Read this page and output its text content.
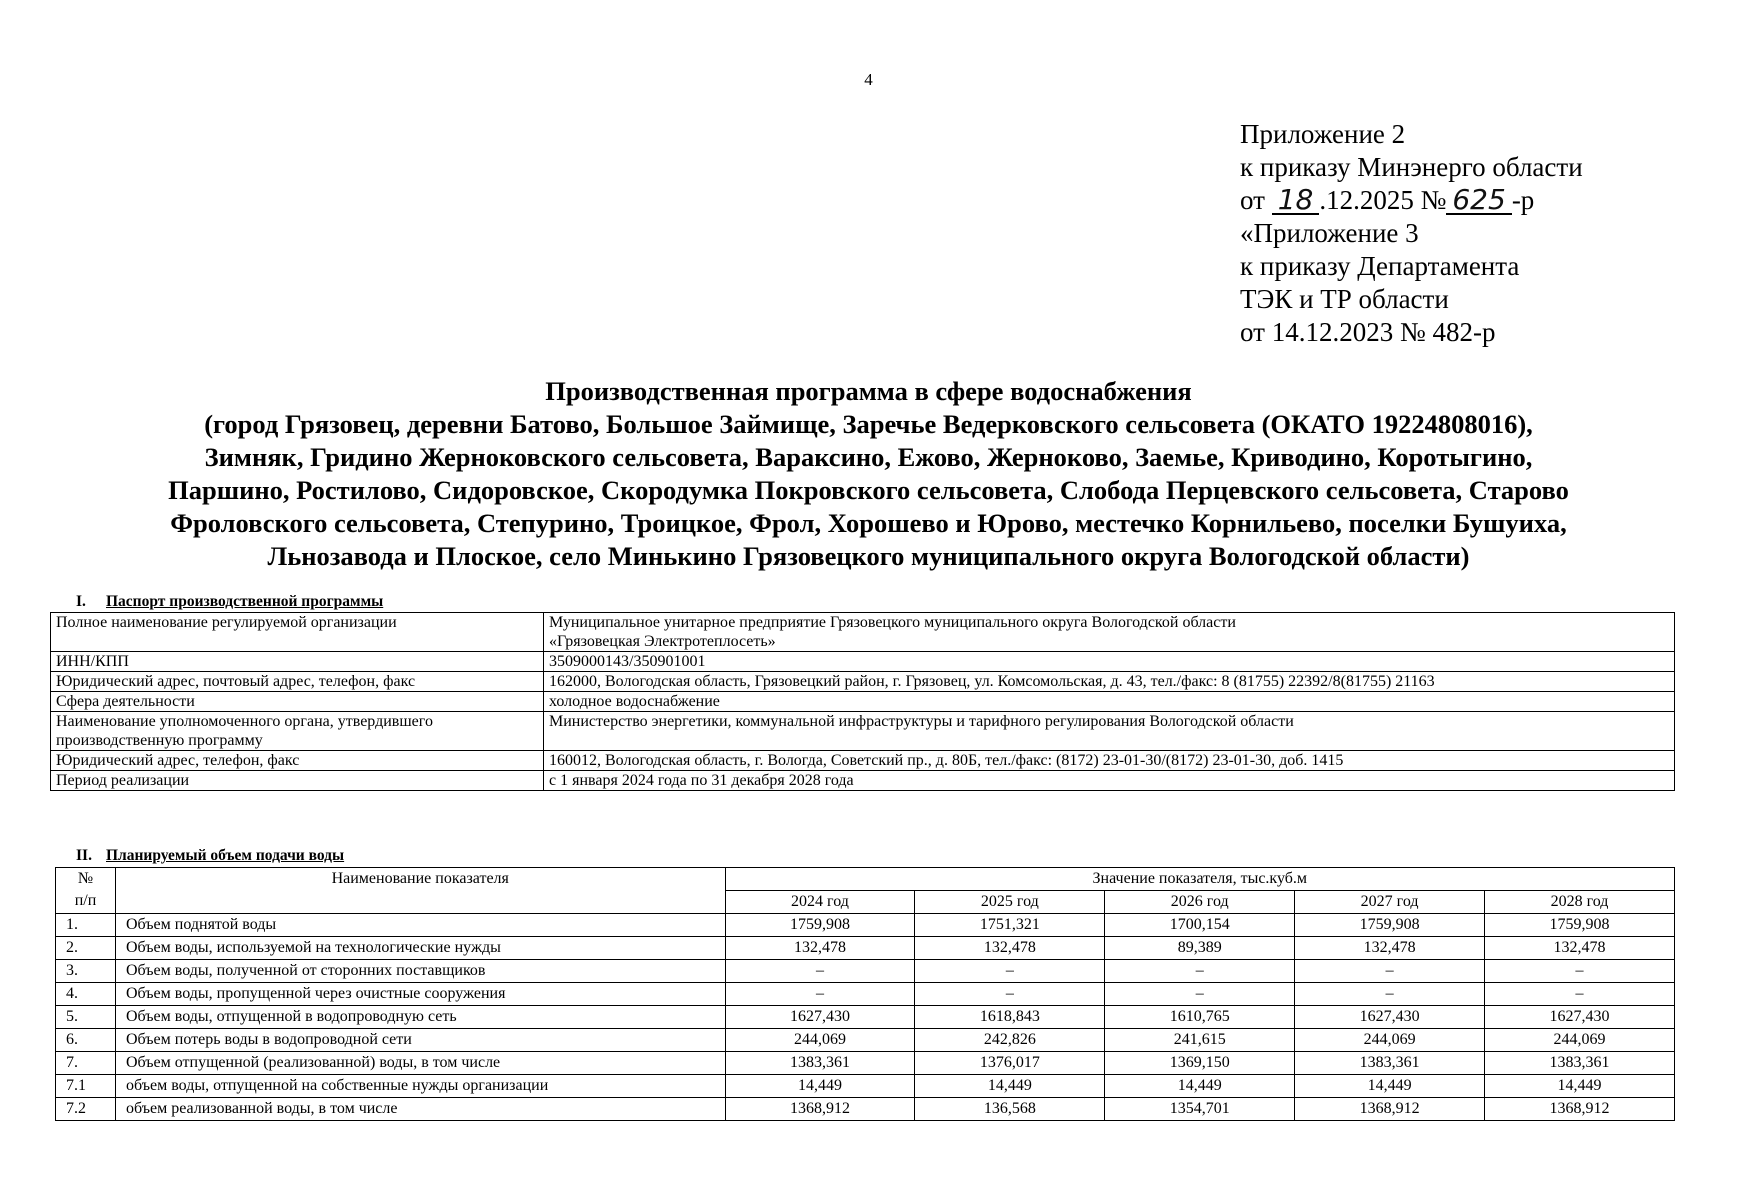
4
Приложение 2
к приказу Минэнерго области
от 18 .12.2025 № 625 -р
«Приложение 3
к приказу Департамента
ТЭК и ТР области
от 14.12.2023 № 482-р
Производственная программа в сфере водоснабжения
(город Грязовец, деревни Батово, Большое Займище, Заречье Ведерковского сельсовета (ОКАТО 19224808016),
Зимняк, Гридино Жерноковского сельсовета, Вараксино, Ежово, Жерноково, Заемье, Криводино, Коротыгино,
Паршино, Ростилово, Сидоровское, Скородумка Покровского сельсовета, Слобода Перцевского сельсовета, Старово
Фроловского сельсовета, Степурино, Троицкое, Фрол, Хорошево и Юрово, местечко Корнильево, поселки Бушуиха,
Льнозавода и Плоское, село Минькино Грязовецкого муниципального округа Вологодской области)
I. Паспорт производственной программы
Полное наименование регулируемой организации	Муниципальное унитарное предприятие Грязовецкого муниципального округа Вологодской области
«Грязовецкая Электротеплосеть»
ИНН/КПП	3509000143/350901001
Юридический адрес, почтовый адрес, телефон, факс	162000, Вологодская область, Грязовецкий район, г. Грязовец, ул. Комсомольская, д. 43, тел./факс: 8 (81755) 22392/8(81755) 21163
Сфера деятельности	холодное водоснабжение
Наименование уполномоченного органа, утвердившего
производственную программу	Министерство энергетики, коммунальной инфраструктуры и тарифного регулирования Вологодской области
Юридический адрес, телефон, факс	160012, Вологодская область, г. Вологда, Советский пр., д. 80Б, тел./факс: (8172) 23-01-30/(8172) 23-01-30, доб. 1415
Период реализации	с 1 января 2024 года по 31 декабря 2028 года
II. Планируемый объем подачи воды
№
п/п	Наименование показателя	Значение показателя, тыс.куб.м				
		2024 год	2025 год	2026 год	2027 год	2028 год
1.	Объем поднятой воды	1759,908	1751,321	1700,154	1759,908	1759,908
2.	Объем воды, используемой на технологические нужды	132,478	132,478	89,389	132,478	132,478
3.	Объем воды, полученной от сторонних поставщиков	–	–	–	–	–
4.	Объем воды, пропущенной через очистные сооружения	–	–	–	–	–
5.	Объем воды, отпущенной в водопроводную сеть	1627,430	1618,843	1610,765	1627,430	1627,430
6.	Объем потерь воды в водопроводной сети	244,069	242,826	241,615	244,069	244,069
7.	Объем отпущенной (реализованной) воды, в том числе	1383,361	1376,017	1369,150	1383,361	1383,361
7.1	объем воды, отпущенной на собственные нужды организации	14,449	14,449	14,449	14,449	14,449
7.2	объем реализованной воды, в том числе	1368,912	136,568	1354,701	1368,912	1368,912
